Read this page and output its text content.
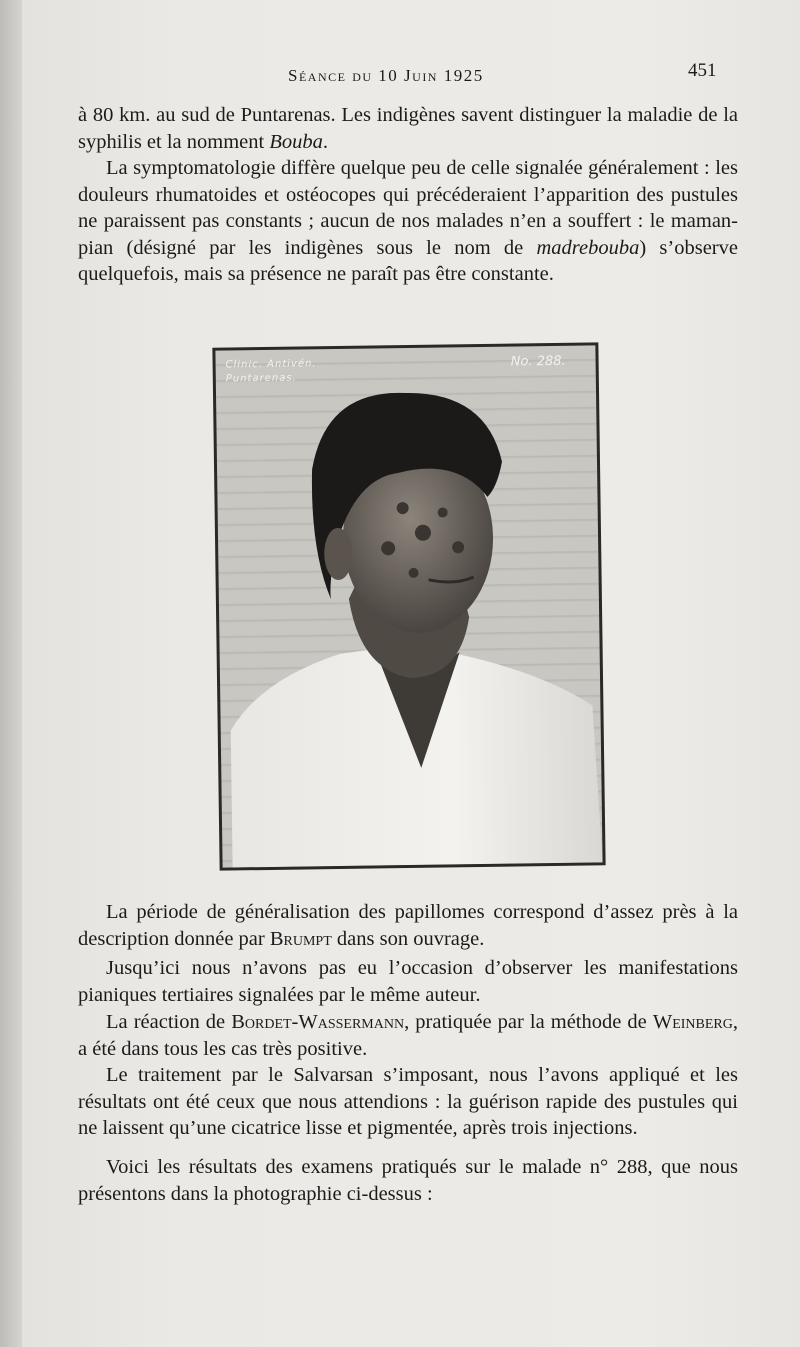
Séance du 10 Juin 1925	451

à 80 km. au sud de Puntarenas. Les indigènes savent distinguer la maladie de la syphilis et la nomment Bouba.

La symptomatologie diffère quelque peu de celle signalée généralement : les douleurs rhumatoides et ostéocopes qui précéderaient l’apparition des pustules ne paraissent pas constants ; aucun de nos malades n’en a souffert : le maman-pian (désigné par les indigènes sous le nom de madrebouba) s’observe quelquefois, mais sa présence ne paraît pas être constante.

Clinic. Antivén.
Puntarenas.
No. 288.

La période de généralisation des papillomes correspond d’assez près à la description donnée par Brumpt dans son ouvrage.

Jusqu’ici nous n’avons pas eu l’occasion d’observer les manifestations pianiques tertiaires signalées par le même auteur.

La réaction de Bordet-Wassermann, pratiquée par la méthode de Weinberg, a été dans tous les cas très positive.

Le traitement par le Salvarsan s’imposant, nous l’avons appliqué et les résultats ont été ceux que nous attendions : la guérison rapide des pustules qui ne laissent qu’une cicatrice lisse et pigmentée, après trois injections.

Voici les résultats des examens pratiqués sur le malade n° 288, que nous présentons dans la photographie ci-dessus :
